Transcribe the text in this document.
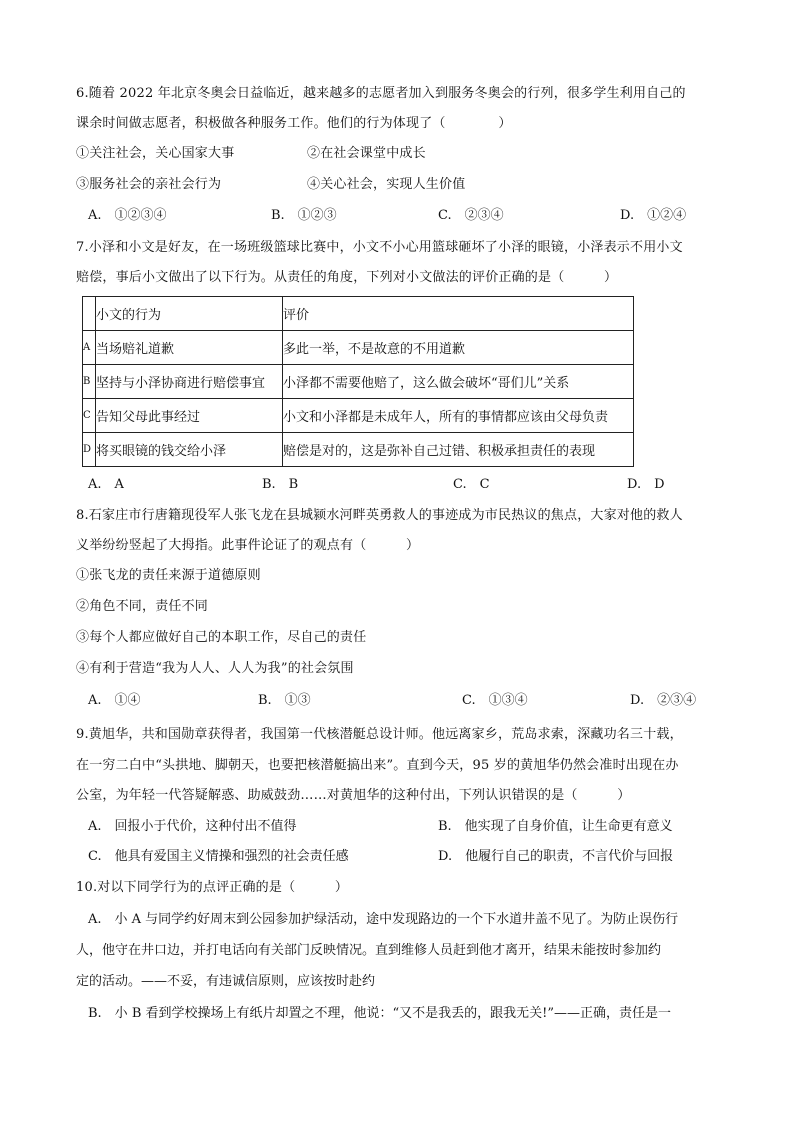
6.随着 2022 年北京冬奥会日益临近，越来越多的志愿者加入到服务冬奥会的行列，很多学生利用自己的
课余时间做志愿者，积极做各种服务工作。他们的行为体现了（　　　　）
①关注社会，关心国家大事	②在社会课堂中成长
③服务社会的亲社会行为	④关心社会，实现人生价值
A.　①②③④	B.　①②③	C.　②③④	D.　①②④
7.小泽和小文是好友，在一场班级篮球比赛中，小文不小心用篮球砸坏了小泽的眼镜，小泽表示不用小文
赔偿，事后小文做出了以下行为。从责任的角度，下列对小文做法的评价正确的是（　　　）
	小文的行为	评价
A	当场赔礼道歉	多此一举，不是故意的不用道歉
B	坚持与小泽协商进行赔偿事宜	小泽都不需要他赔了，这么做会破坏“哥们儿”关系
C	告知父母此事经过	小文和小泽都是未成年人，所有的事情都应该由父母负责
D	将买眼镜的钱交给小泽	赔偿是对的，这是弥补自己过错、积极承担责任的表现
A.　A	B.　B	C.　C	D.　D
8.石家庄市行唐籍现役军人张飞龙在县城颍水河畔英勇救人的事迹成为市民热议的焦点，大家对他的救人
义举纷纷竖起了大拇指。此事件论证了的观点有（　　　）
①张飞龙的责任来源于道德原则
②角色不同，责任不同
③每个人都应做好自己的本职工作，尽自己的责任
④有利于营造“我为人人、人人为我”的社会氛围
A.　①④	B.　①③	C.　①③④	D.　②③④
9.黄旭华，共和国勋章获得者，我国第一代核潜艇总设计师。他远离家乡，荒岛求索，深藏功名三十载，
在一穷二白中“头拱地、脚朝天，也要把核潜艇搞出来”。直到今天，95 岁的黄旭华仍然会准时出现在办
公室，为年轻一代答疑解惑、助威鼓劲……对黄旭华的这种付出，下列认识错误的是（　　　）
A.　回报小于代价，这种付出不值得	B.　他实现了自身价值，让生命更有意义
C.　他具有爱国主义情操和强烈的社会责任感	D.　他履行自己的职责，不言代价与回报
10.对以下同学行为的点评正确的是（　　　）
A.　小 A 与同学约好周末到公园参加护绿活动，途中发现路边的一个下水道井盖不见了。为防止误伤行
人，他守在井口边，并打电话向有关部门反映情况。直到维修人员赶到他才离开，结果未能按时参加约
定的活动。——不妥，有违诚信原则，应该按时赴约
B.　小 B 看到学校操场上有纸片却置之不理，他说：“又不是我丢的，跟我无关!”——正确，责任是一
